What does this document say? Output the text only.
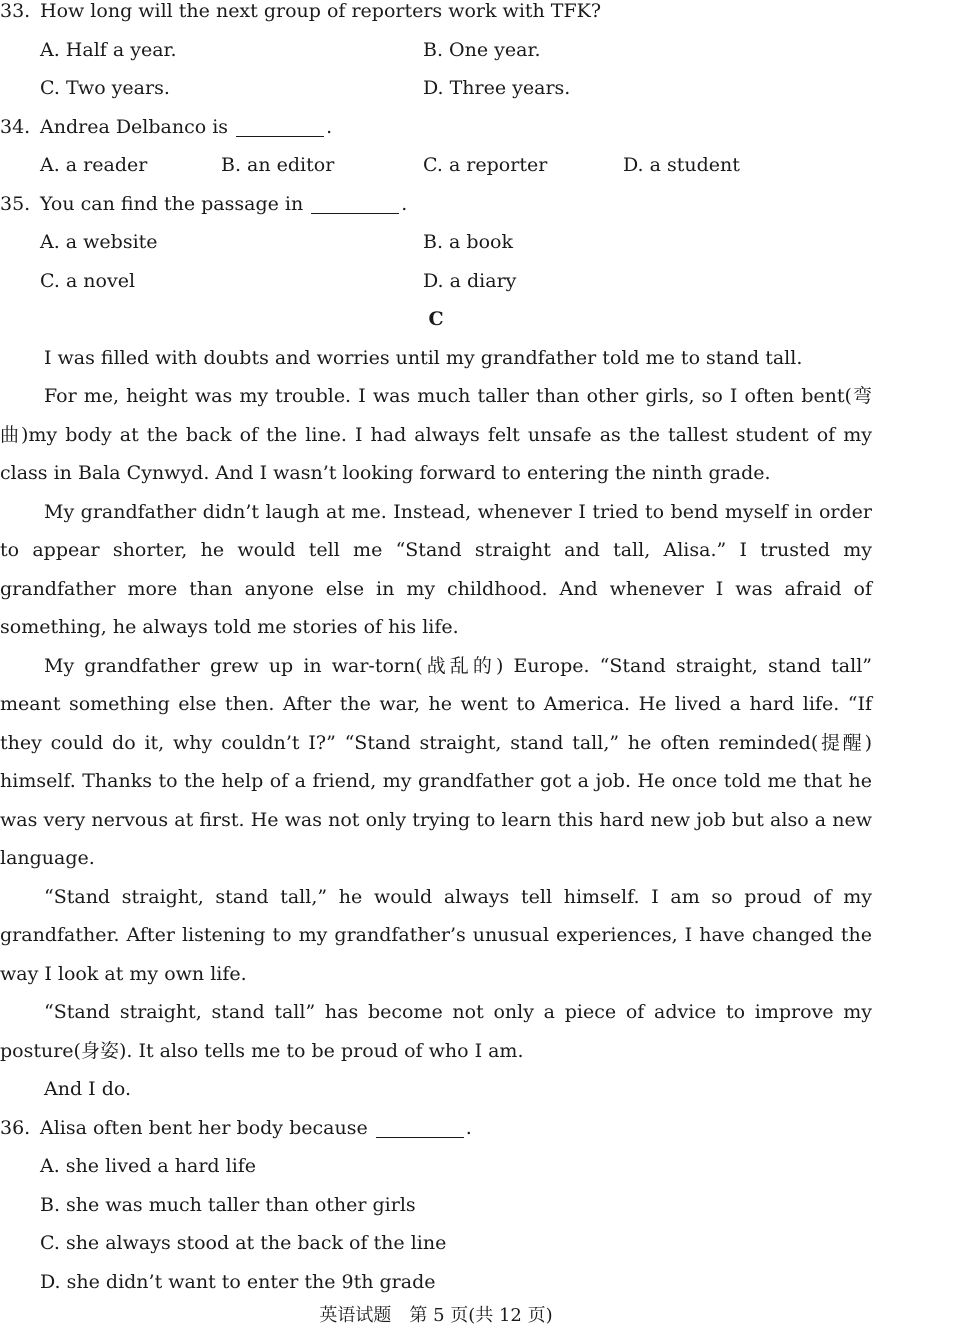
33. How long will the next group of reporters work with TFK?
A. Half a year.	B. One year.
C. Two years.	D. Three years.
34. Andrea Delbanco is	.
A. a reader	B. an editor	C. a reporter	D. a student
35. You can find the passage in	.
A. a website	B. a book
C. a novel	D. a diary
C

I was filled with doubts and worries until my grandfather told me to stand tall.

For me, height was my trouble. I was much taller than other girls, so I often bent(弯曲)my body at the back of the line. I had always felt unsafe as the tallest student of my class in Bala Cynwyd. And I wasn’t looking forward to entering the ninth grade.

My grandfather didn’t laugh at me. Instead, whenever I tried to bend myself in order to appear shorter, he would tell me “Stand straight and tall, Alisa.” I trusted my grandfather more than anyone else in my childhood. And whenever I was afraid of something, he always told me stories of his life.

My grandfather grew up in war-torn(战乱的) Europe. “Stand straight, stand tall” meant something else then. After the war, he went to America. He lived a hard life. “If they could do it, why couldn’t I?” “Stand straight, stand tall,” he often reminded(提醒) himself. Thanks to the help of a friend, my grandfather got a job. He once told me that he was very nervous at first. He was not only trying to learn this hard new job but also a new language.

“Stand straight, stand tall,” he would always tell himself. I am so proud of my grandfather. After listening to my grandfather’s unusual experiences, I have changed the way I look at my own life.

“Stand straight, stand tall” has become not only a piece of advice to improve my posture(身姿). It also tells me to be proud of who I am.

And I do.

36. Alisa often bent her body because	.
A. she lived a hard life
B. she was much taller than other girls
C. she always stood at the back of the line
D. she didn’t want to enter the 9th grade
英语试题　第 5 页(共 12 页)
